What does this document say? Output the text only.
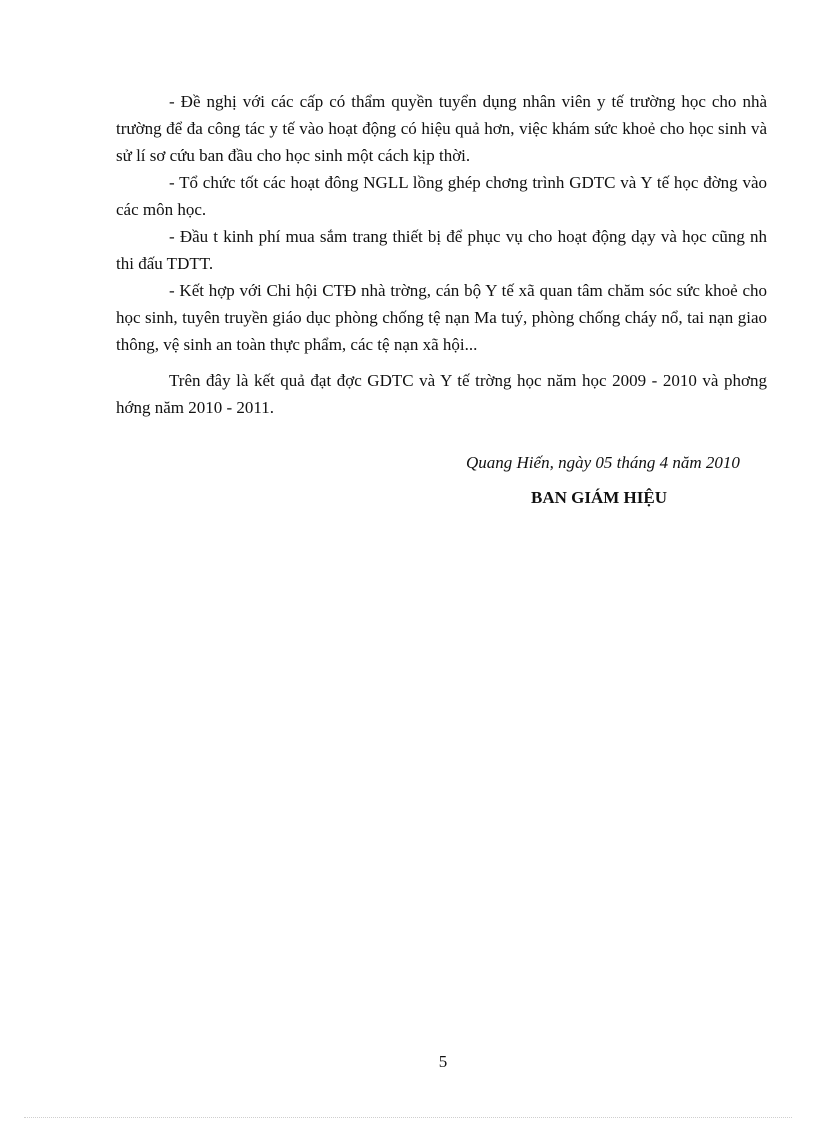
- Đề nghị với các cấp có thẩm quyền tuyển dụng nhân viên y tế trường học cho nhà trường để đa công tác y tế vào hoạt động có hiệu quả hơn, việc khám sức khoẻ cho học sinh và sử lí sơ cứu ban đầu cho học sinh một cách kịp thời.

- Tổ chức tốt các hoạt đông NGLL lồng ghép chơng trình GDTC và Y tế học đờng vào các môn học.

- Đầu t kinh phí mua sắm trang thiết bị để phục vụ cho hoạt động dạy và học cũng nh thi đấu TDTT.

- Kết hợp với Chi hội CTĐ nhà trờng, cán bộ Y tế xã quan tâm chăm sóc sức khoẻ cho học sinh, tuyên truyền giáo dục phòng chống tệ nạn Ma tuý, phòng chống cháy nổ, tai nạn giao thông, vệ sinh an toàn thực phẩm, các tệ nạn xã hội...

Trên đây là kết quả đạt đợc GDTC và Y tế trờng học năm học 2009 - 2010 và phơng hớng năm 2010 - 2011.

Quang Hiến, ngày 05 tháng 4 năm 2010
BAN GIÁM HIỆU
5
